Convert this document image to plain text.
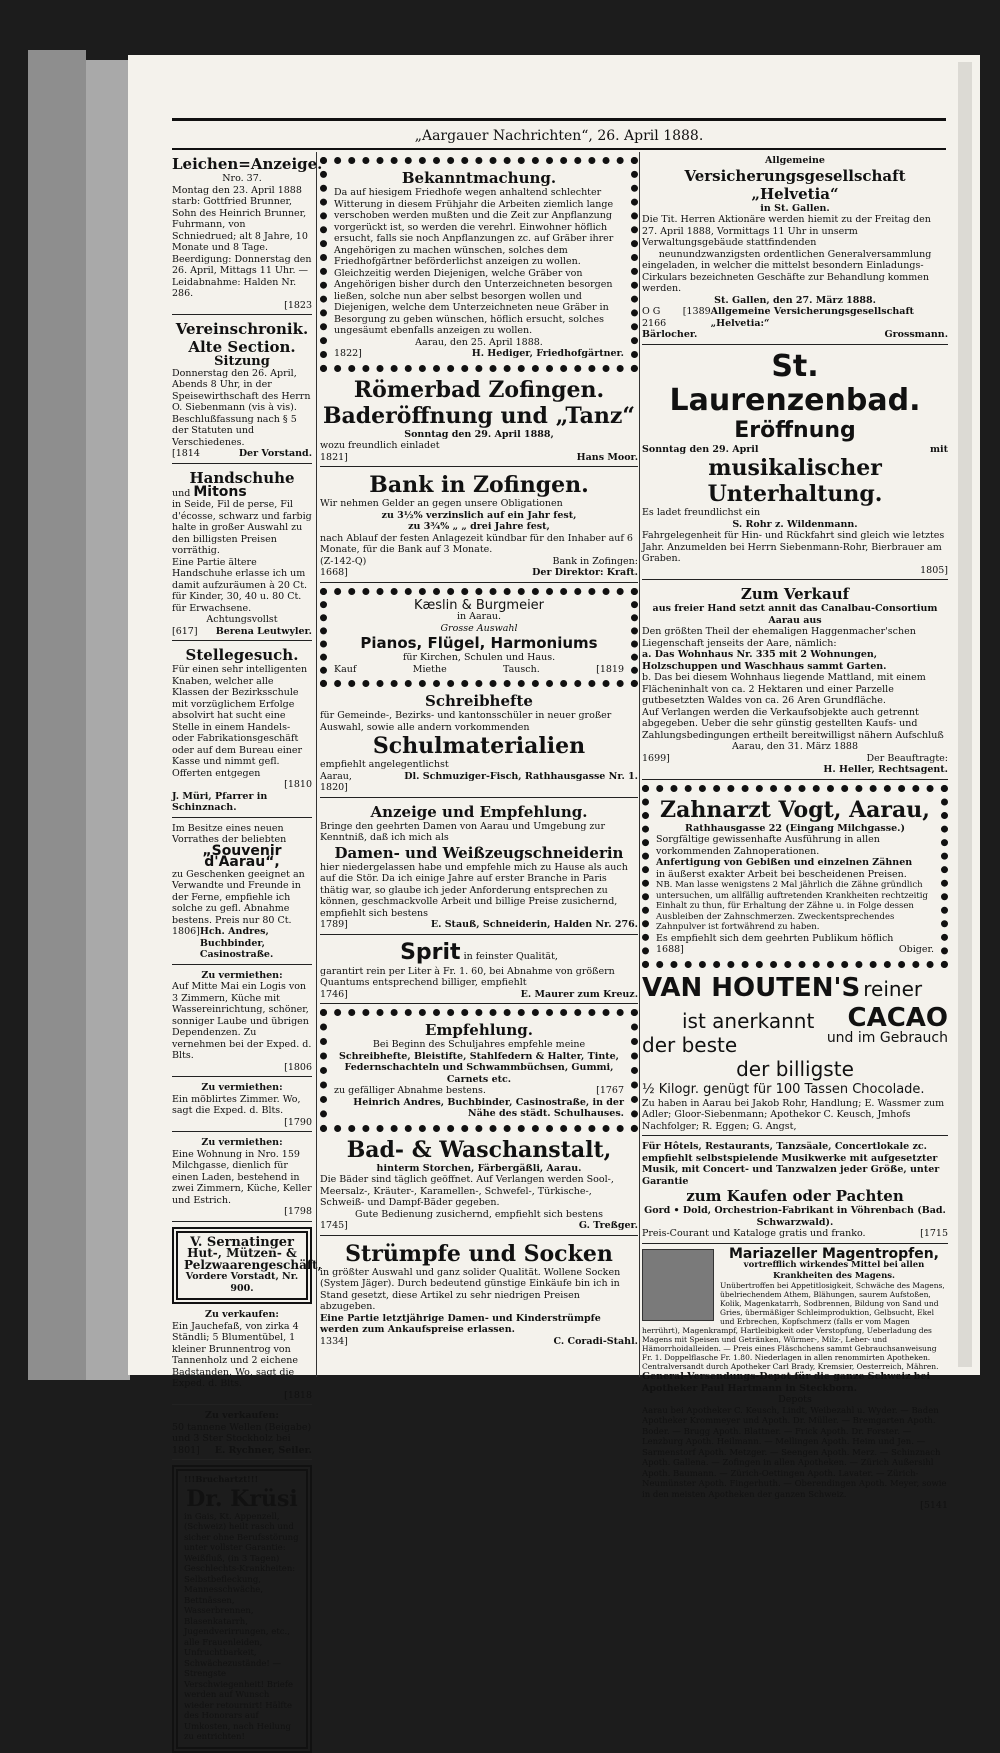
„Aargauer Nachrichten“, 26. April 1888.
Leichen=Anzeige.
Nro. 37.
Montag den 23. April 1888 starb: Gottfried Brunner, Sohn des Heinrich Brunner, Fuhrmann, von Schniedrued; alt 8 Jahre, 10 Monate und 8 Tage.
Beerdigung: Donnerstag den 26. April, Mittags 11 Uhr. — Leidabnahme: Halden Nr. 286.
[1823
Vereinschronik.
Alte Section.
Sitzung
Donnerstag den 26. April, Abends 8 Uhr, in der Speisewirthschaft des Herrn O. Siebenmann (vis à vis). Beschlußfassung nach § 5 der Statuten und Verschiedenes.
[1814	Der Vorstand.
Handschuhe
und Mitons
in Seide, Fil de perse, Fil d'écosse, schwarz und farbig halte in großer Auswahl zu den billigsten Preisen vorräthig.
Eine Partie ältere Handschuhe erlasse ich um damit aufzuräumen à 20 Ct. für Kinder, 30, 40 u. 80 Ct. für Erwachsene.
Achtungsvollst
[617] Berena Leutwyler.
Stellegesuch.
Für einen sehr intelligenten Knaben, welcher alle Klassen der Bezirksschule mit vorzüglichem Erfolge absolvirt hat sucht eine Stelle in einem Handels- oder Fabrikationsgeschäft oder auf dem Bureau einer Kasse und nimmt gefl. Offerten entgegen
[1810
J. Müri, Pfarrer in Schinznach.
Im Besitze eines neuen Vorrathes der beliebten
„Souvenir d'Aarau“,
zu Geschenken geeignet an Verwandte und Freunde in der Ferne, empfiehle ich solche zu gefl. Abnahme bestens. Preis nur 80 Ct.
1806] Hch. Andres, Buchbinder, Casinostraße.
Zu vermiethen:
Auf Mitte Mai ein Logis von 3 Zimmern, Küche mit Wassereinrichtung, schöner, sonniger Laube und übrigen Dependenzen. Zu vernehmen bei der Exped. d. Blts.
[1806
Zu vermiethen:
Ein möblirtes Zimmer. Wo, sagt die Exped. d. Blts.
[1790
Zu vermiethen:
Eine Wohnung in Nro. 159 Milchgasse, dienlich für einen Laden, bestehend in zwei Zimmern, Küche, Keller und Estrich.
[1798
V. Sernatinger
Hut-, Mützen- &
Pelzwaarengeschäft,
Vordere Vorstadt, Nr. 900.
Zu verkaufen:
Ein Jauchefaß, von zirka 4 Ständli; 5 Blumentübel, 1 kleiner Brunnentrog von Tannenholz und 2 eichene Badstanden. Wo, sagt die Exped. d. Blts.
[1818
Zu verkaufen:
50 tannene Wellen (Beigabe) und 3 Ster Stockholz bei
1801] E. Rychner, Seiler.
!!!Bruchartzt!!!
Dr. Krüsi
in Gais, Kt. Appenzell, (Schweiz) heilt rasch und sicher ohne Berufsstörung unter vollster Garantie: Weißfluß, (in 3 Tagen) Geschlechts-Krankheiten: Selbstbefleckung, Mannesschwäche, Bettnässen, Wasserbrennen, Blasenkatarrh, Jugendverirrungen, etc., alle Frauenleiden, Unfruchtbarkeit, Schwächezustände! — Strengste Verschwiegenheit! Briefe werden auf Wunsch wieder retournirt! Hälfte des Honorars auf Umkosten, nach Heilung zu entrichten!
Bekanntmachung.
Da auf hiesigem Friedhofe wegen anhaltend schlechter Witterung in diesem Frühjahr die Arbeiten ziemlich lange verschoben werden mußten und die Zeit zur Anpflanzung vorgerückt ist, so werden die verehrl. Einwohner höflich ersucht, falls sie noch Anpflanzungen zc. auf Gräber ihrer Angehörigen zu machen wünschen, solches dem Friedhofgärtner beförderlichst anzeigen zu wollen.
Gleichzeitig werden Diejenigen, welche Gräber von Angehörigen bisher durch den Unterzeichneten besorgen ließen, solche nun aber selbst besorgen wollen und Diejenigen, welche dem Unterzeichneten neue Gräber in Besorgung zu geben wünschen, höflich ersucht, solches ungesäumt ebenfalls anzeigen zu wollen.
Aarau, den 25. April 1888.
1822]	H. Hediger, Friedhofgärtner.
Römerbad Zofingen.
Baderöffnung und „Tanz“
Sonntag den 29. April 1888,
wozu freundlich einladet
1821]	Hans Moor.
Bank in Zofingen.
Wir nehmen Gelder an gegen unsere Obligationen
zu 3½% verzinslich auf ein Jahr fest,
zu 3¾% „ „ drei Jahre fest,
nach Ablauf der festen Anlagezeit kündbar für den Inhaber auf 6 Monate, für die Bank auf 3 Monate.
(Z-142-Q)	Bank in Zofingen:
1668]	Der Direktor: Kraft.
Kæslin & Burgmeier
in Aarau.
Grosse Auswahl
Pianos, Flügel, Harmoniums
für Kirchen, Schulen und Haus.
Kauf	Miethe	Tausch.	[1819
Schreibhefte
für Gemeinde-, Bezirks- und kantonsschüler in neuer großer Auswahl, sowie alle andern vorkommenden
Schulmaterialien
empfiehlt angelegentlichst
Aarau,	Dl. Schmuziger-Fisch, Rathhausgasse Nr. 1.
1820]
Anzeige und Empfehlung.
Bringe den geehrten Damen von Aarau und Umgebung zur Kenntniß, daß ich mich als
Damen- und Weißzeugschneiderin
hier niedergelassen habe und empfehle mich zu Hause als auch auf die Stör. Da ich einige Jahre auf erster Branche in Paris thätig war, so glaube ich jeder Anforderung entsprechen zu können, geschmackvolle Arbeit und billige Preise zusichernd, empfiehlt sich bestens
1789]	E. Stauß, Schneiderin, Halden Nr. 276.
Sprit in feinster Qualität,
garantirt rein per Liter à Fr. 1. 60, bei Abnahme von größern Quantums entsprechend billiger, empfiehlt
1746]	E. Maurer zum Kreuz.
Empfehlung.
Bei Beginn des Schuljahres empfehle meine
Schreibhefte, Bleistifte, Stahlfedern & Halter, Tinte, Federnschachteln und Schwammbüchsen, Gummi, Carnets etc.
zu gefälliger Abnahme bestens.	[1767
Heinrich Andres, Buchbinder, Casinostraße, in der Nähe des städt. Schulhauses.
Bad- & Waschanstalt,
hinterm Storchen, Färbergäßli, Aarau.
Die Bäder sind täglich geöffnet. Auf Verlangen werden Sool-, Meersalz-, Kräuter-, Karamellen-, Schwefel-, Türkische-, Schweiß- und Dampf-Bäder gegeben.
Gute Bedienung zusichernd, empfiehlt sich bestens
1745]	G. Treßger.
Strümpfe und Socken
in größter Auswahl und ganz solider Qualität. Wollene Socken (System Jäger). Durch bedeutend günstige Einkäufe bin ich in Stand gesetzt, diese Artikel zu sehr niedrigen Preisen abzugeben.
Eine Partie letztjährige Damen- und Kinderstrümpfe werden zum Ankaufspreise erlassen.
1334]	C. Coradi-Stahl.
Allgemeine
Versicherungsgesellschaft „Helvetia“
in St. Gallen.
Die Tit. Herren Aktionäre werden hiemit zu der Freitag den 27. April 1888, Vormittags 11 Uhr in unserm Verwaltungsgebäude stattfindenden
neunundzwanzigsten ordentlichen Generalversammlung
eingeladen, in welcher die mittelst besondern Einladungs-Cirkulars bezeichneten Geschäfte zur Behandlung kommen werden.
St. Gallen, den 27. März 1888.
O G 2166
[1389 Allgemeine Versicherungsgesellschaft „Helvetia:“
Bärlocher.	Grossmann.
St. Laurenzenbad.
Eröffnung
Sonntag den 29. April	mit
musikalischer Unterhaltung.
Es ladet freundlichst ein
S. Rohr z. Wildenmann.
Fahrgelegenheit für Hin- und Rückfahrt sind gleich wie letztes Jahr. Anzumelden bei Herrn Siebenmann-Rohr, Bierbrauer am Graben.
1805]
Zum Verkauf
aus freier Hand setzt annit das Canalbau-Consortium Aarau aus
Den größten Theil der ehemaligen Haggenmacher'schen Liegenschaft jenseits der Aare, nämlich:
a. Das Wohnhaus Nr. 335 mit 2 Wohnungen, Holzschuppen und Waschhaus sammt Garten.
b. Das bei diesem Wohnhaus liegende Mattland, mit einem Flächeninhalt von ca. 2 Hektaren und einer Parzelle gutbesetzten Waldes von ca. 26 Aren Grundfläche.
Auf Verlangen werden die Verkaufsobjekte auch getrennt abgegeben. Ueber die sehr günstig gestellten Kaufs- und Zahlungsbedingungen ertheilt bereitwilligst nähern Aufschluß
Aarau, den 31. März 1888
1699]	Der Beauftragte:
H. Heller, Rechtsagent.
Zahnarzt Vogt, Aarau,
Rathhausgasse 22 (Eingang Milchgasse.)
Sorgfältige gewissenhafte Ausführung in allen vorkommenden Zahnoperationen.
Anfertigung von Gebißen und einzelnen Zähnen
in äußerst exakter Arbeit bei bescheidenen Preisen.
NB. Man lasse wenigstens 2 Mal jährlich die Zähne gründlich untersuchen, um allfällig auftretenden Krankheiten rechtzeitig Einhalt zu thun, für Erhaltung der Zähne u. in Folge dessen Ausbleiben der Zahnschmerzen. Zweckentsprechendes Zahnpulver ist fortwährend zu haben.
Es empfiehlt sich dem geehrten Publikum höflich
1688]	Obiger.
VAN HOUTEN'S reiner
ist anerkannt CACAO
der beste	und im Gebrauch
der billigste
½ Kilogr. genügt für 100 Tassen Chocolade.
Zu haben in Aarau bei Jakob Rohr, Handlung; E. Wassmer zum Adler; Gloor-Siebenmann; Apothekor C. Keusch, Jmhofs Nachfolger; R. Eggen; G. Angst,
Für Hôtels, Restaurants, Tanzsäale, Concertlokale zc. empfiehlt selbstspielende Musikwerke mit aufgesetzter Musik, mit Concert- und Tanzwalzen jeder Größe, unter Garantie
zum Kaufen oder Pachten
Gord • Dold, Orchestrion-Fabrikant in Vöhrenbach (Bad. Schwarzwald).
Preis-Courant und Kataloge gratis und franko.	[1715
Mariazeller Magentropfen,
vortrefflich wirkendes Mittel bei allen Krankheiten des Magens.
Unübertroffen bei Appetitlosigkeit, Schwäche des Magens, übelriechendem Athem, Blähungen, saurem Aufstoßen, Kolik, Magenkatarrh, Sodbrennen, Bildung von Sand und Gries, übermäßiger Schleimproduktion, Gelbsucht, Ekel und Erbrechen, Kopfschmerz (falls er vom Magen herrührt), Magenkrampf, Hartleibigkeit oder Verstopfung, Ueberladung des Magens mit Speisen und Getränken, Würmer-, Milz-, Leber- und Hämorrhoidalleiden. — Preis eines Fläschchens sammt Gebrauchsanweisung Fr. 1. Doppelflasche Fr. 1.80. Niederlagen in allen renommirten Apotheken. Centralversandt durch Apotheker Carl Brady, Kremsier, Oesterreich, Mähren.
General-Versendungs-Depot für die ganze Schweiz bei Apotheker Paul Hartmann in Steckborn.
Depots
Aarau bei Apotheker C. Keusch, Lindt, Weibezahl u. Wyder. — Baden Apotheker Krommeyer und Apoth. Dr. Müller. — Bremgarten Apoth. Boder. — Brugg Apoth. Blattner. — Frick Apoth. Dr. Forster. — Lenzburg Apoth. Heilmann. — Mellingen Apoth. Heim und Jen. — Sarmenstorf Apoth. Metzger. — Seengen Apoth. Merz. — Schinznach Apoth. Gallena. — Zofingen in allen Apotheken. — Zürich Außersihl Apoth. Baumann. — Zürich-Oettingen Apoth. Lavater. — Zürich-Neumünster Apoth. Fingerhuth. — Oberendingen Apoth. Meyer, sowie in den meisten Apotheken der ganzen Schweiz.
[5141
